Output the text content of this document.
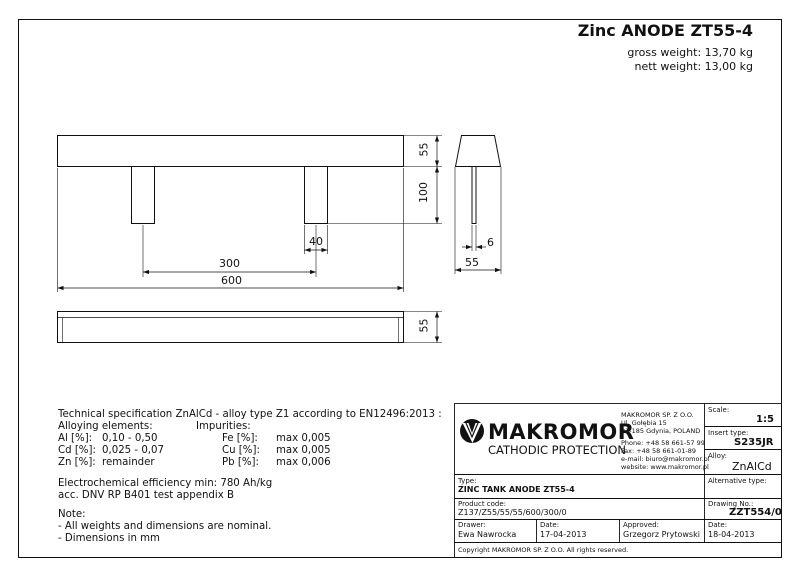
Zinc ANODE ZT55-4
gross weight: 13,70 kg
nett weight: 13,00 kg
55
100
40
300
600
6
55
55
Technical specification ZnAlCd - alloy type Z1 according to EN12496:2013 :
Alloying elements:	Impurities:
Al [%]: 0,10 - 0,50	Fe [%]: max 0,005
Cd [%]: 0,025 - 0,07	Cu [%]: max 0,005
Zn [%]: remainder	Pb [%]: max 0,006
Electrochemical efficiency min: 780 Ah/kg
acc. DNV RP B401 test appendix B
Note:
- All weights and dimensions are nominal.
- Dimensions in mm
MAKROMOR
CATHODIC PROTECTION
MAKROMOR SP. Z O.O.
Ul. Gołębia 15
81-185 Gdynia, POLAND
Phone: +48 58 661-57 99
Fax: +48 58 661-01-89
e-mail: biuro@makromor.pl
website: www.makromor.pl
Scale:
1:5
Insert type:
S235JR
Alloy:
ZnAlCd
Alternative type:
Type:
ZINC TANK ANODE ZT55-4
Product code:
Z137/Z55/55/55/600/300/0
Drawing No.:
ZZT554/0
Drawer:
Ewa Nawrocka
Date:
17-04-2013
Approved:
Grzegorz Prytowski
Date:
18-04-2013
Copyright MAKROMOR SP. Z O.O. All rights reserved.
